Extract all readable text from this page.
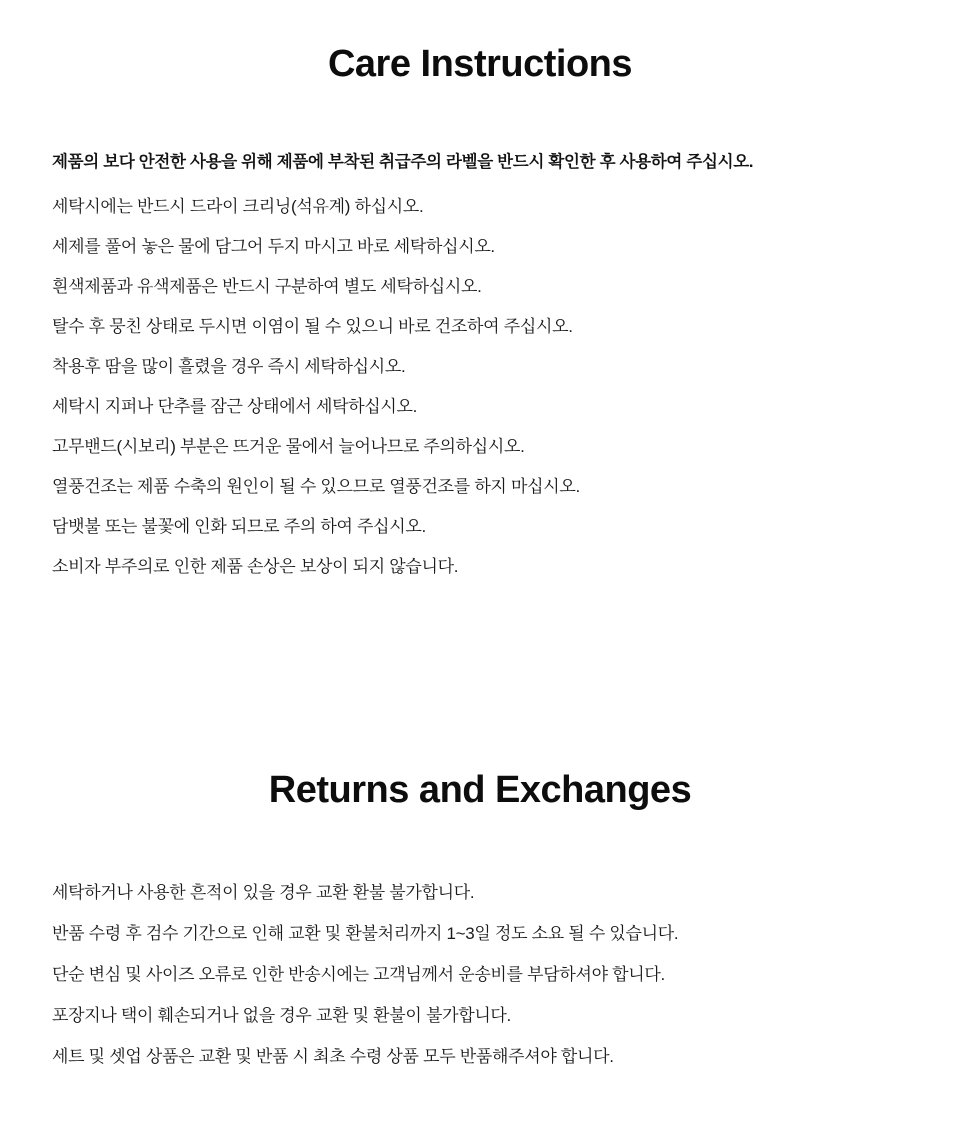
Care Instructions

제품의 보다 안전한 사용을 위해 제품에 부착된 취급주의 라벨을 반드시 확인한 후 사용하여 주십시오.

세탁시에는 반드시 드라이 크리닝(석유계) 하십시오.
세제를 풀어 놓은 물에 담그어 두지 마시고 바로 세탁하십시오.
흰색제품과 유색제품은 반드시 구분하여 별도 세탁하십시오.
탈수 후 뭉친 상태로 두시면 이염이 될 수 있으니 바로 건조하여 주십시오.
착용후 땀을 많이 흘렸을 경우 즉시 세탁하십시오.
세탁시 지퍼나 단추를 잠근 상태에서 세탁하십시오.
고무밴드(시보리) 부분은 뜨거운 물에서 늘어나므로 주의하십시오.
열풍건조는 제품 수축의 원인이 될 수 있으므로 열풍건조를 하지 마십시오.
담뱃불 또는 불꽃에 인화 되므로 주의 하여 주십시오.
소비자 부주의로 인한 제품 손상은 보상이 되지 않습니다.
Returns and Exchanges
세탁하거나 사용한 흔적이 있을 경우 교환 환불 불가합니다.
반품 수령 후 검수 기간으로 인해 교환 및 환불처리까지 1~3일 정도 소요 될 수 있습니다.
단순 변심 및 사이즈 오류로 인한 반송시에는 고객님께서 운송비를 부담하셔야 합니다.
포장지나 택이 훼손되거나 없을 경우 교환 및 환불이 불가합니다.
세트 및 셋업 상품은 교환 및 반품 시 최초 수령 상품 모두 반품해주셔야 합니다.
